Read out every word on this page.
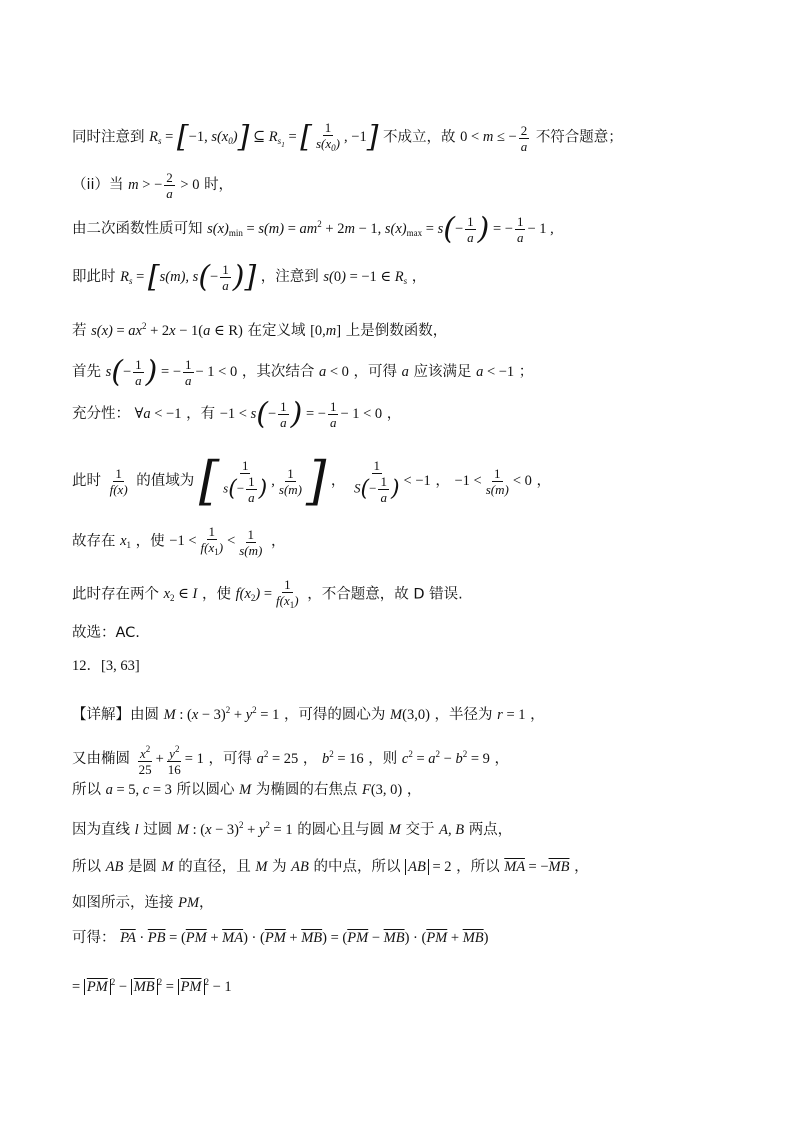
同时注意到 $R_s = [-1$, $s(x_0)$] ⊆ $R_{s_1}$ = [ $\frac{1}{s(x_0)}$ , −1] 不成立，故 0 < m ≤ − $\frac{2}{a}$ 不符合题意；
（ii）当 m > − $\frac{2}{a} > 0$ 时，
由二次函数性质可知 $s(x)_{min} = s(m) = am^2 + 2m - 1$, $s(x)_{max} = s(- \frac{1}{a}$ ) = − $\frac{1}{a} - 1$ ,
即此时 $R_s = [s(m)$, $s(- \frac{1}{a}$ )] ，注意到 s(0) = −1 ∈ $R_s$ ，
若 $s(x) = ax^2 + 2x - 1(a$ ∈ R) 在定义域 [0,m] 上是倒数函数，
首先 $s(- \frac{1}{a}$ ) = − $\frac{1}{a} - 1 < 0$ ，其次结合 a < 0 ，可得 a 应该满足 a < −1 ；
充分性： ∀a < −1 ，有 $-1 < s(- \frac{1}{a}$ ) = − $\frac{1}{a} - 1 < 0$ ，
此时 $\frac{1}{f(x)}$ 的值域为 [ $\frac{1}{s(- \frac{1}{a} )}$ , $\frac{1}{s(m)}$ ] ， $\frac{1}{S(- \frac{1}{a} )} < -1$ ， $-1 < \frac{1}{s(m)} < 0$ ，
故存在 $x_1$ ，使 $-1 < \frac{1}{f(x_1)} < \frac{1}{s(m)}$ ，
此时存在两个 $x_2$ ∈ I ，使 $f(x_2) = \frac{1}{f(x_1)}$ ，不合题意，故 D 错误.
故选：AC.
12．[3, 63]
【详解】由圆 M : $(x - 3)^2 + y^2 = 1$ ，可得的圆心为 M(3,0) ，半径为 r = 1 ，
又由椭圆 $\frac{x^2}{25} + \frac{y^2}{16} = 1$ ，可得 $a^2 = 25$ ， $b^2 = 16$ ，则 $c^2 = a^2 - b^2 = 9$ ，
所以 a = 5, c = 3 所以圆心 M 为椭圆的右焦点 F(3, 0) ，
因为直线 l 过圆 M : $(x - 3)^2 + y^2 = 1$ 的圆心且与圆 M 交于 A, B 两点，
所以 AB 是圆 M 的直径，且 M 为 AB 的中点，所以 AB = 2 ，所以 $\overline{MA} = -\overline{MB}$ ，
如图所示，连接 PM，
可得： $\overline{PA} \cdot \overline{PB} = (\overline{PM} + \overline{MA}) \cdot (\overline{PM} + \overline{MB}) = (\overline{PM} - \overline{MB}) \cdot (\overline{PM} + \overline{MB})$
= $\overline{PM}$ $^2 - \overline{MB}$ $^2 = \overline{PM}$ $^2$ − 1
